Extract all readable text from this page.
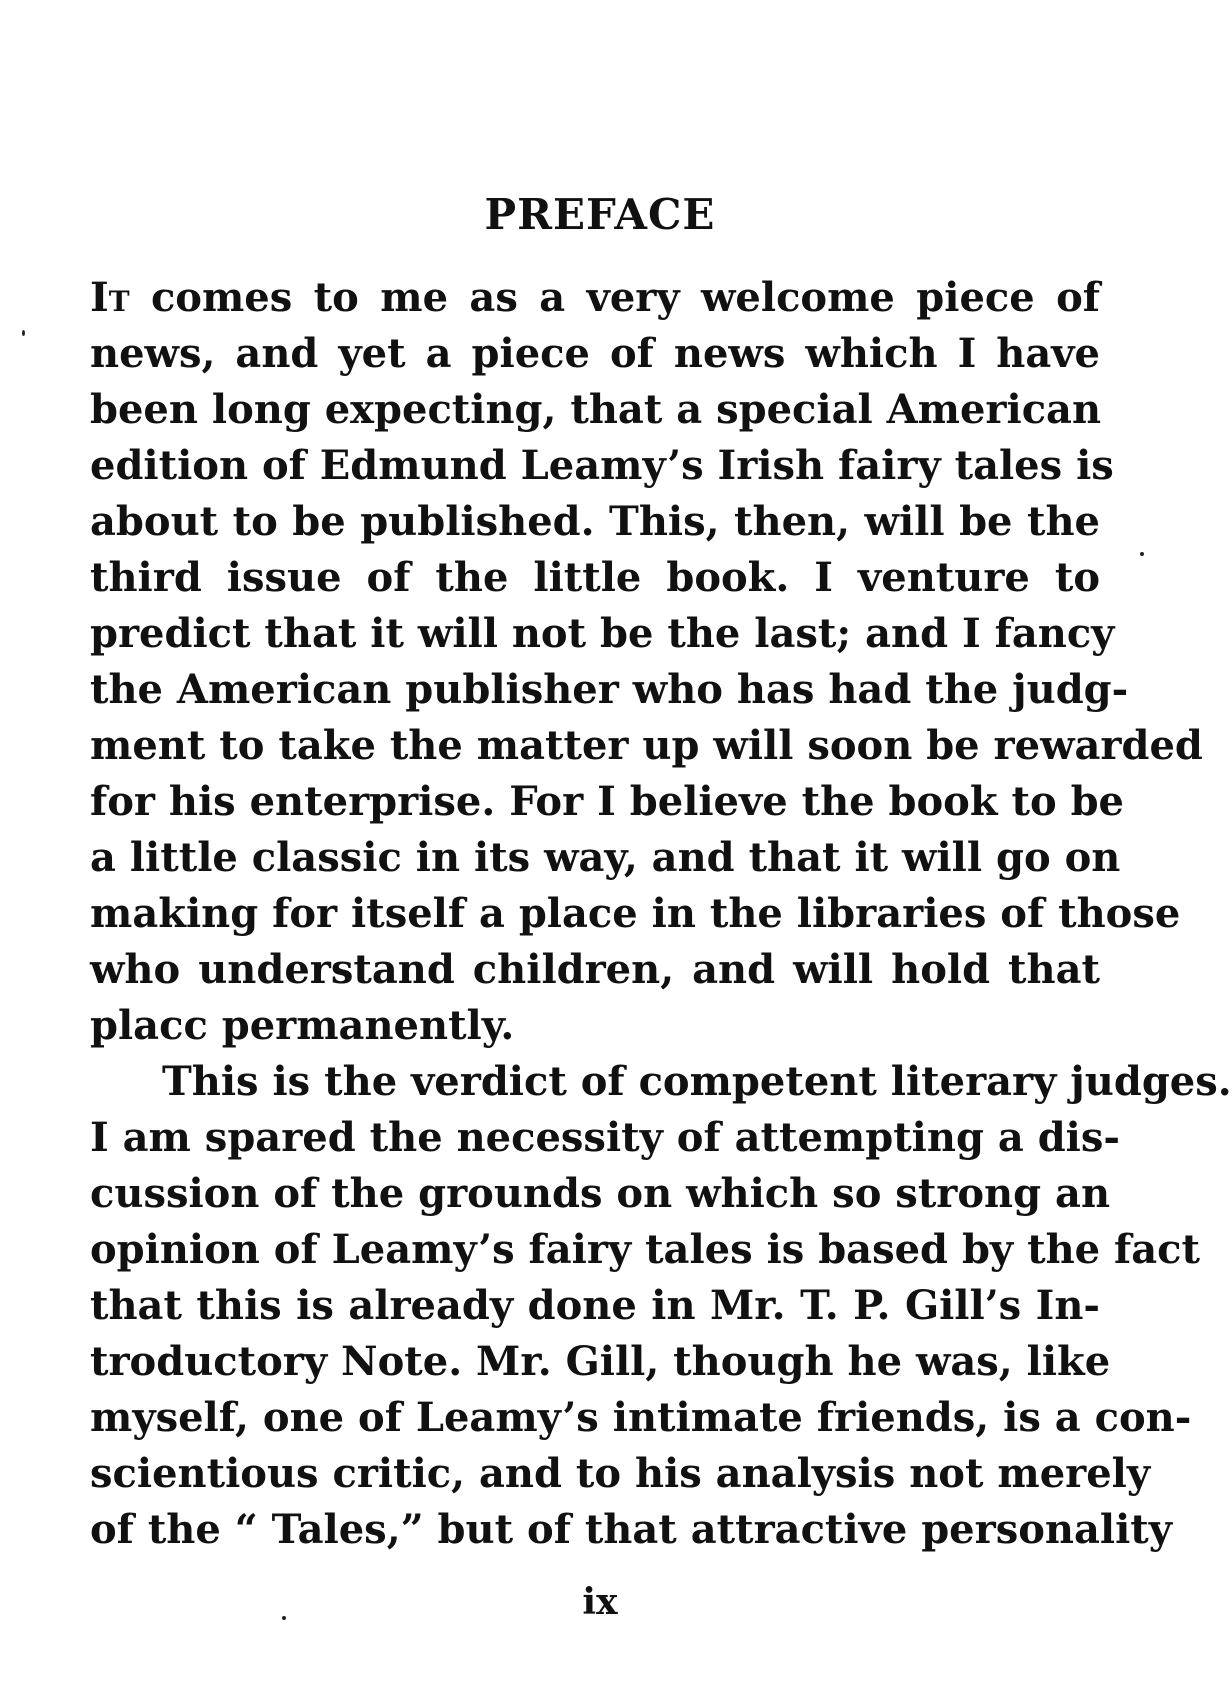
PREFACE
It comes to me as a very welcome piece of
news, and yet a piece of news which I have
been long expecting, that a special American
edition of Edmund Leamy’s Irish fairy tales is
about to be published. This, then, will be the
third issue of the little book. I venture to
predict that it will not be the last; and I fancy
the American publisher who has had the judg-
ment to take the matter up will soon be rewarded
for his enterprise. For I believe the book to be
a little classic in its way, and that it will go on
making for itself a place in the libraries of those
who understand children, and will hold that
placc permanently.
This is the verdict of competent literary judges.
I am spared the necessity of attempting a dis-
cussion of the grounds on which so strong an
opinion of Leamy’s fairy tales is based by the fact
that this is already done in Mr. T. P. Gill’s In-
troductory Note. Mr. Gill, though he was, like
myself, one of Leamy’s intimate friends, is a con-
scientious critic, and to his analysis not merely
of the “ Tales,” but of that attractive personality
ix
